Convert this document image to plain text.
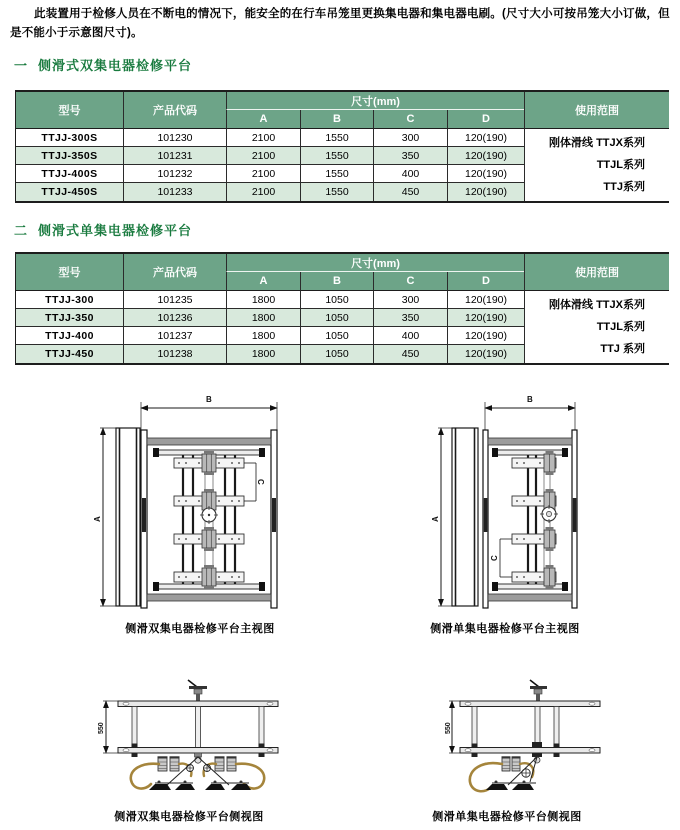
此装置用于检修人员在不断电的情况下，能安全的在行车吊笼里更换集电器和集电器电刷。(尺寸大小可按吊笼大小订做，但是不能小于示意图尺寸)。
一 侧滑式双集电器检修平台
型号	产品代码	尺寸(mm)				使用范围
		A	B	C	D	
TTJJ-300S	101230	2100	1550	300	120(190)	刚体滑线 TTJX系列
TTJL系列
TTJ系列

TTJJ-350S	101231	2100	1550	350	120(190)	
TTJJ-400S	101232	2100	1550	400	120(190)	
TTJJ-450S	101233	2100	1550	450	120(190)	
二 侧滑式单集电器检修平台
型号	产品代码	尺寸(mm)				使用范围
		A	B	C	D	
TTJJ-300	101235	1800	1050	300	120(190)	刚体滑线 TTJX系列
TTJL系列
TTJ 系列

TTJJ-350	101236	1800	1050	350	120(190)	
TTJJ-400	101237	1800	1050	400	120(190)	
TTJJ-450	101238	1800	1050	450	120(190)	
B
A
C
侧滑双集电器检修平台主视图
B
A
C
侧滑单集电器检修平台主视图
550
侧滑双集电器检修平台侧视图
550
侧滑单集电器检修平台侧视图
